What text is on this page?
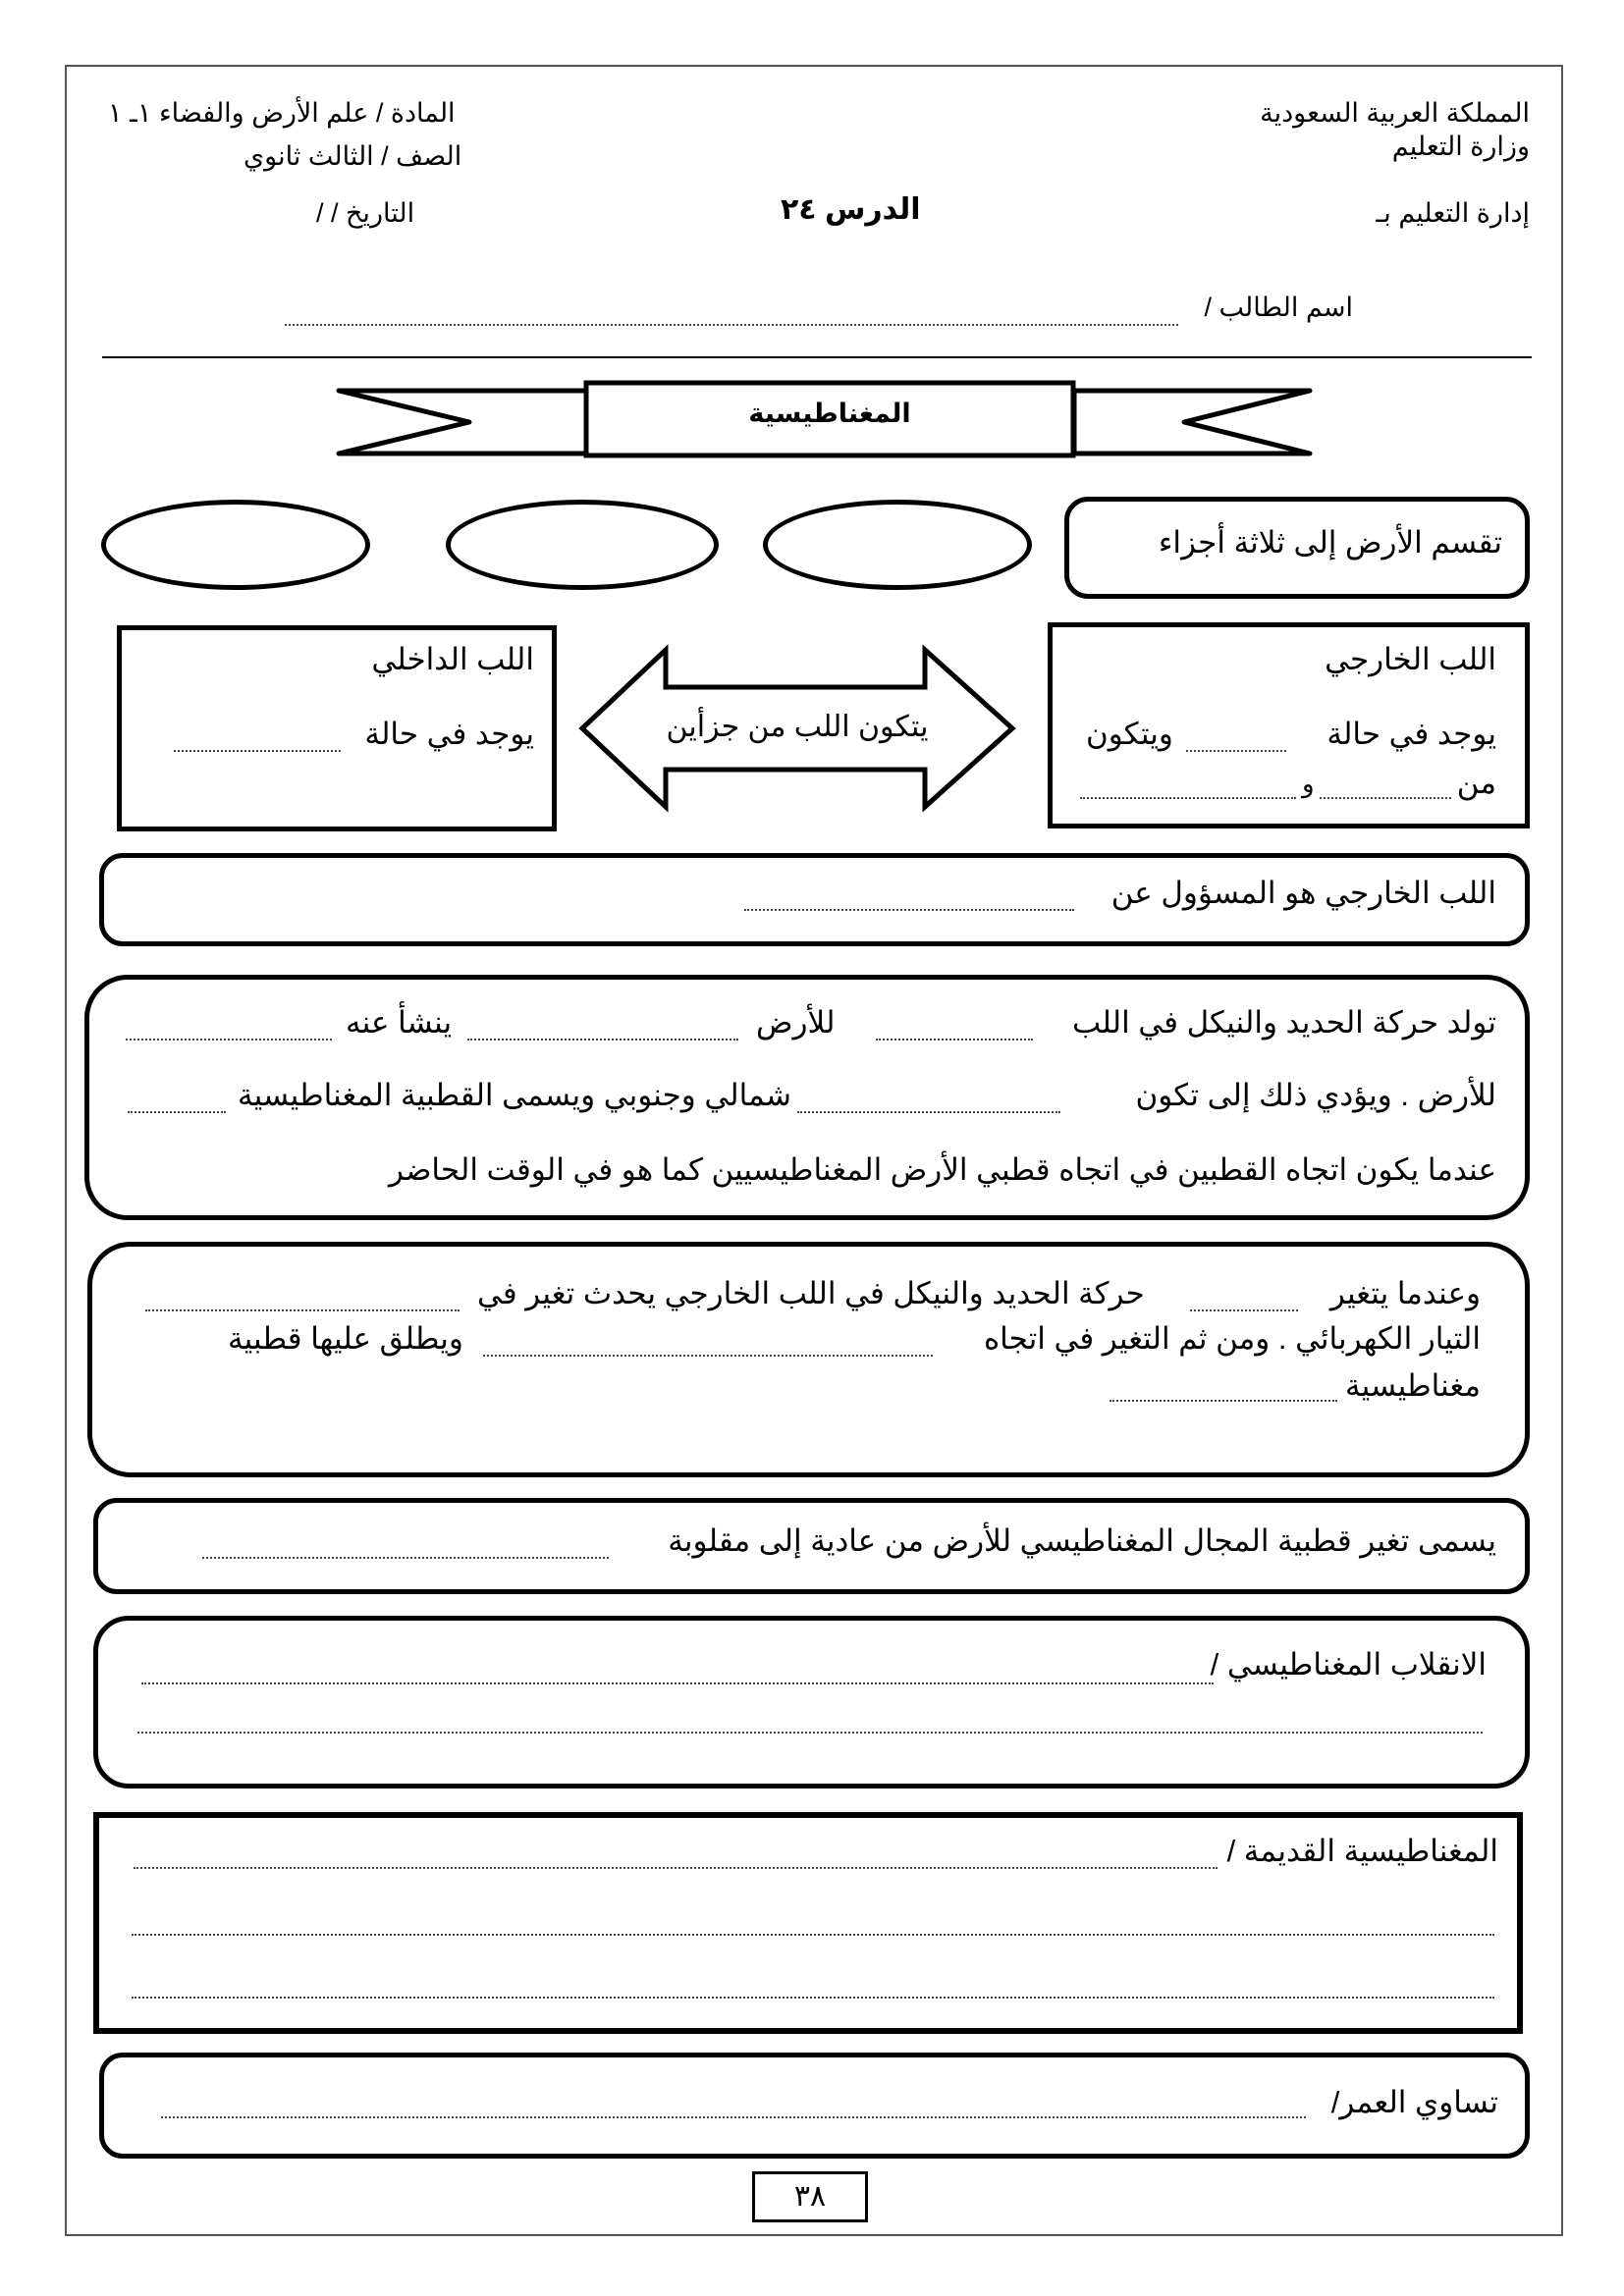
المملكة العربية السعودية
وزارة التعليم
إدارة التعليم بـ
المادة / علم الأرض والفضاء ١ـ ١
الصف / الثالث ثانوي
التاريخ / /	الدرس ٢٤
اسم الطالب /
المغناطيسية
تقسم الأرض إلى ثلاثة أجزاء
اللب الداخلي
يوجد في حالة	يتكون اللب من جزأين
اللب الخارجي
يوجد في حالة
ويتكون
من
و
اللب الخارجي هو المسؤول عن
تولد حركة الحديد والنيكل في اللب
للأرض
ينشأ عنه
للأرض . ويؤدي ذلك إلى تكون
شمالي وجنوبي ويسمى القطبية المغناطيسية
عندما يكون اتجاه القطبين في اتجاه قطبي الأرض المغناطيسيين كما هو في الوقت الحاضر
وعندما يتغير
حركة الحديد والنيكل في اللب الخارجي يحدث تغير في
التيار الكهربائي . ومن ثم التغير في اتجاه
ويطلق عليها قطبية
مغناطيسية
يسمى تغير قطبية المجال المغناطيسي للأرض من عادية إلى مقلوبة
الانقلاب المغناطيسي /
المغناطيسية القديمة /
تساوي العمر/
٣٨
